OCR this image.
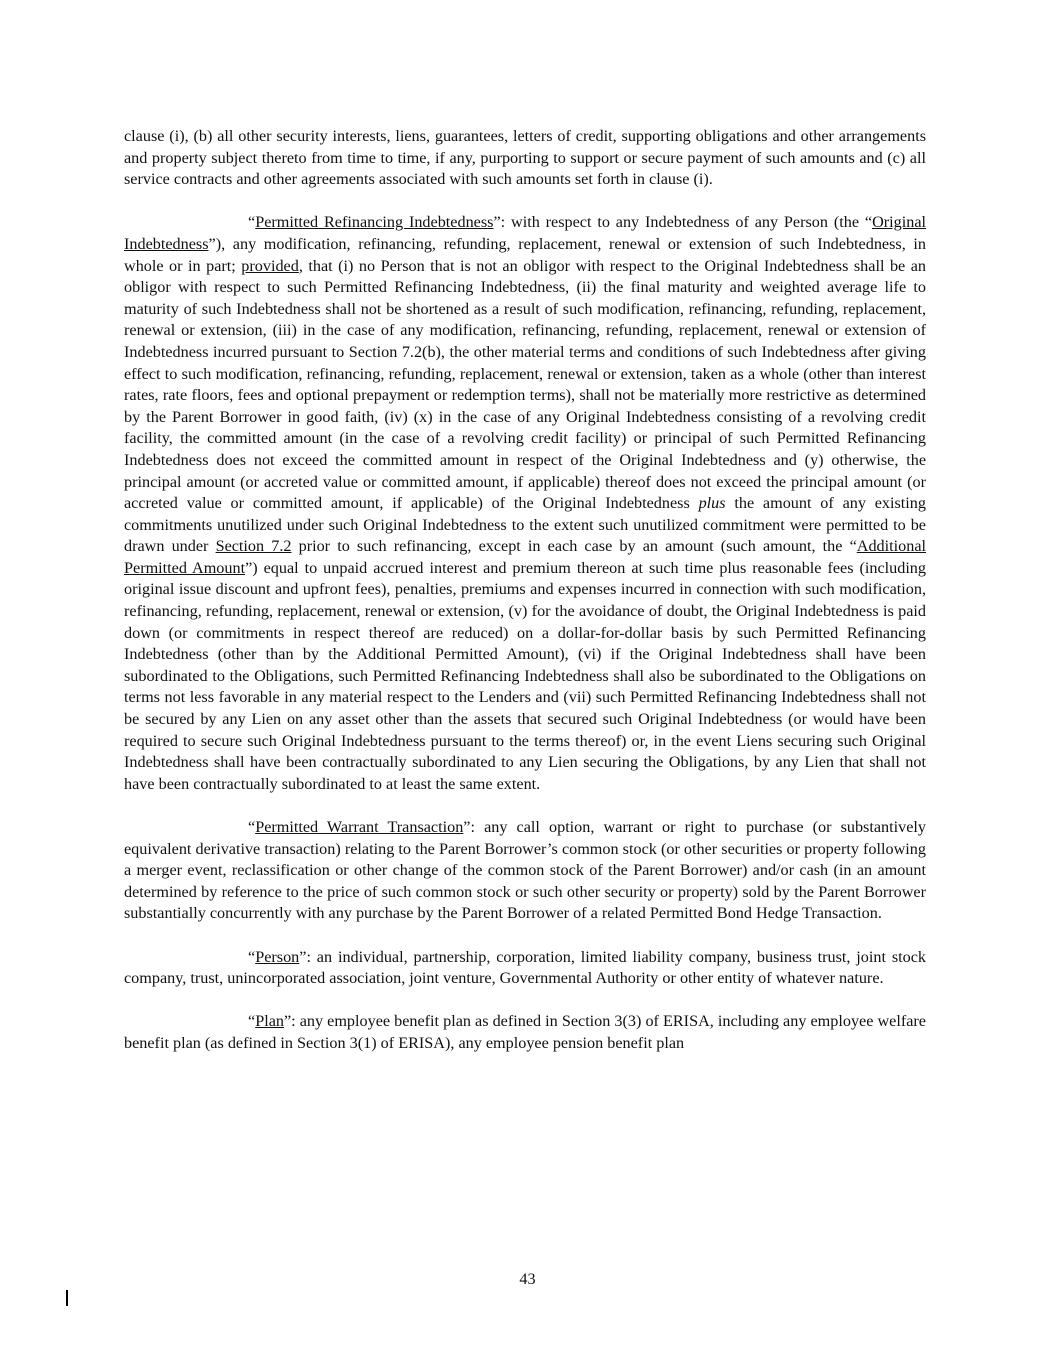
clause (i), (b) all other security interests, liens, guarantees, letters of credit, supporting obligations and other arrangements and property subject thereto from time to time, if any, purporting to support or secure payment of such amounts and (c) all service contracts and other agreements associated with such amounts set forth in clause (i).

“Permitted Refinancing Indebtedness”: with respect to any Indebtedness of any Person (the “Original Indebtedness”), any modification, refinancing, refunding, replacement, renewal or extension of such Indebtedness, in whole or in part; provided, that (i) no Person that is not an obligor with respect to the Original Indebtedness shall be an obligor with respect to such Permitted Refinancing Indebtedness, (ii) the final maturity and weighted average life to maturity of such Indebtedness shall not be shortened as a result of such modification, refinancing, refunding, replacement, renewal or extension, (iii) in the case of any modification, refinancing, refunding, replacement, renewal or extension of Indebtedness incurred pursuant to Section 7.2(b), the other material terms and conditions of such Indebtedness after giving effect to such modification, refinancing, refunding, replacement, renewal or extension, taken as a whole (other than interest rates, rate floors, fees and optional prepayment or redemption terms), shall not be materially more restrictive as determined by the Parent Borrower in good faith, (iv) (x) in the case of any Original Indebtedness consisting of a revolving credit facility, the committed amount (in the case of a revolving credit facility) or principal of such Permitted Refinancing Indebtedness does not exceed the committed amount in respect of the Original Indebtedness and (y) otherwise, the principal amount (or accreted value or committed amount, if applicable) thereof does not exceed the principal amount (or accreted value or committed amount, if applicable) of the Original Indebtedness plus the amount of any existing commitments unutilized under such Original Indebtedness to the extent such unutilized commitment were permitted to be drawn under Section 7.2 prior to such refinancing, except in each case by an amount (such amount, the “Additional Permitted Amount”) equal to unpaid accrued interest and premium thereon at such time plus reasonable fees (including original issue discount and upfront fees), penalties, premiums and expenses incurred in connection with such modification, refinancing, refunding, replacement, renewal or extension, (v) for the avoidance of doubt, the Original Indebtedness is paid down (or commitments in respect thereof are reduced) on a dollar-for-dollar basis by such Permitted Refinancing Indebtedness (other than by the Additional Permitted Amount), (vi) if the Original Indebtedness shall have been subordinated to the Obligations, such Permitted Refinancing Indebtedness shall also be subordinated to the Obligations on terms not less favorable in any material respect to the Lenders and (vii) such Permitted Refinancing Indebtedness shall not be secured by any Lien on any asset other than the assets that secured such Original Indebtedness (or would have been required to secure such Original Indebtedness pursuant to the terms thereof) or, in the event Liens securing such Original Indebtedness shall have been contractually subordinated to any Lien securing the Obligations, by any Lien that shall not have been contractually subordinated to at least the same extent.

“Permitted Warrant Transaction”: any call option, warrant or right to purchase (or substantively equivalent derivative transaction) relating to the Parent Borrower’s common stock (or other securities or property following a merger event, reclassification or other change of the common stock of the Parent Borrower) and/or cash (in an amount determined by reference to the price of such common stock or such other security or property) sold by the Parent Borrower substantially concurrently with any purchase by the Parent Borrower of a related Permitted Bond Hedge Transaction.

“Person”: an individual, partnership, corporation, limited liability company, business trust, joint stock company, trust, unincorporated association, joint venture, Governmental Authority or other entity of whatever nature.

“Plan”: any employee benefit plan as defined in Section 3(3) of ERISA, including any employee welfare benefit plan (as defined in Section 3(1) of ERISA), any employee pension benefit plan

43
